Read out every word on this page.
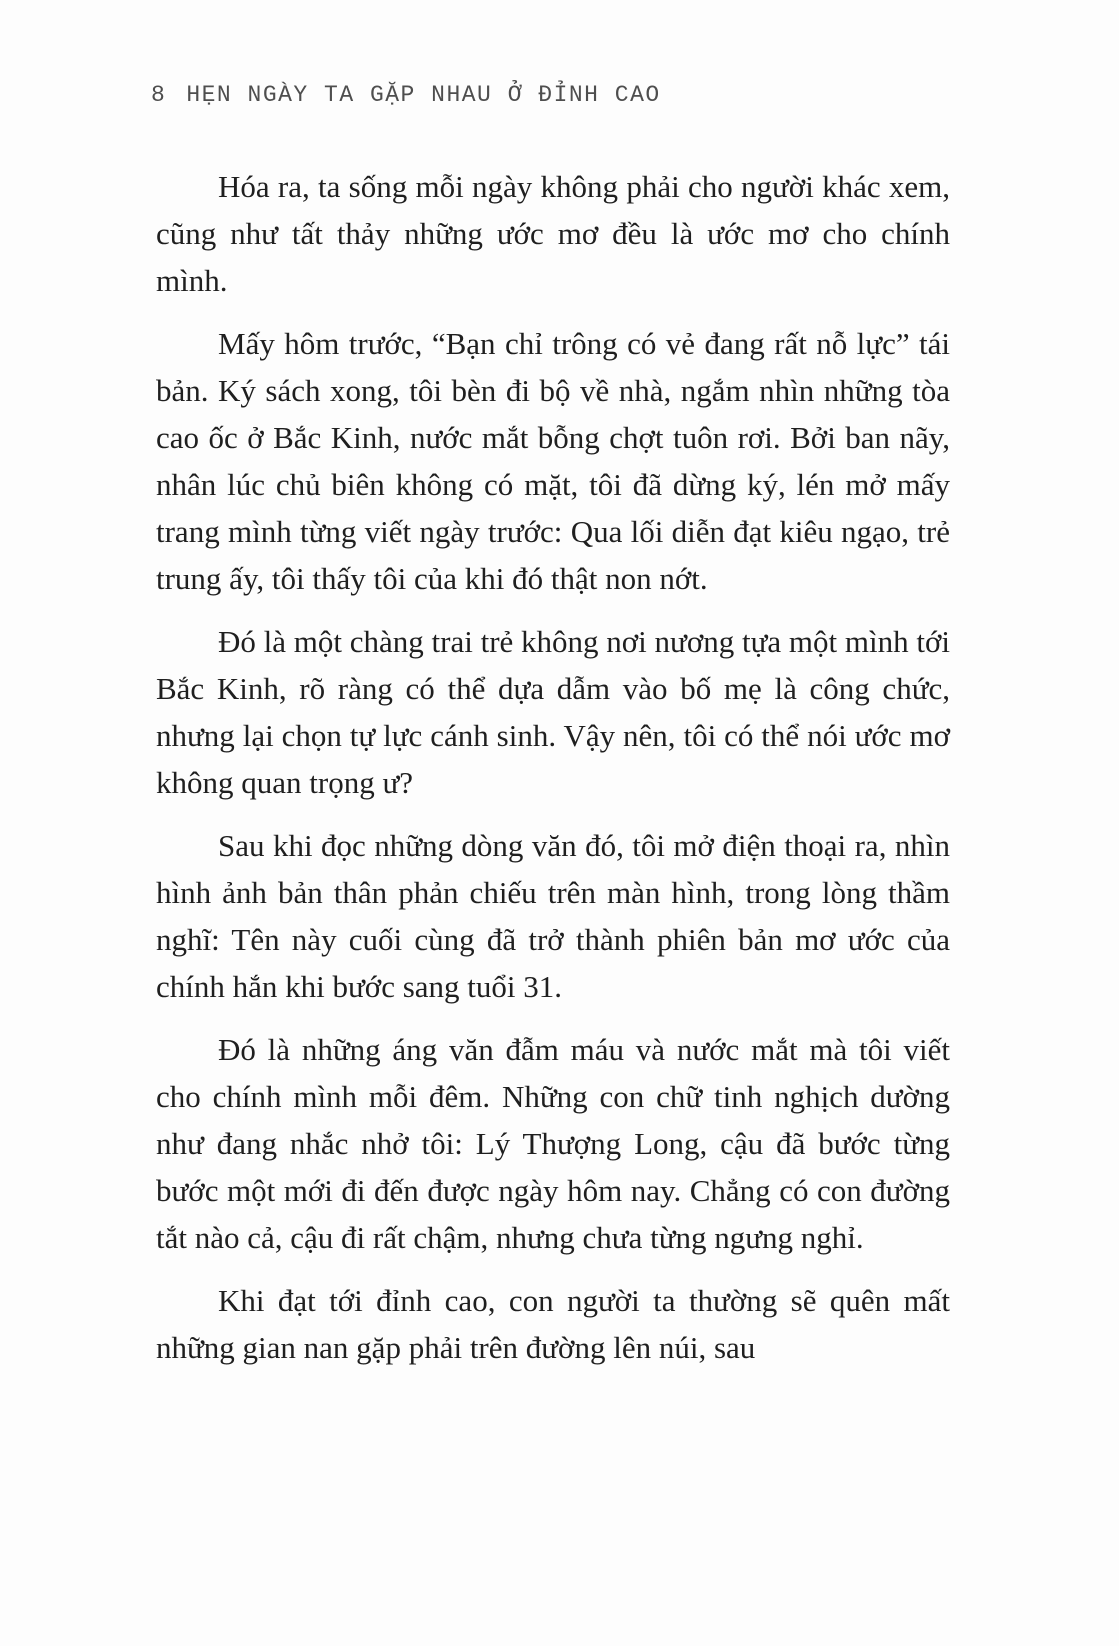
8 HẸN NGÀY TA GẶP NHAU Ở ĐỈNH CAO

Hóa ra, ta sống mỗi ngày không phải cho người khác xem, cũng như tất thảy những ước mơ đều là ước mơ cho chính mình.

Mấy hôm trước, “Bạn chỉ trông có vẻ đang rất nỗ lực” tái bản. Ký sách xong, tôi bèn đi bộ về nhà, ngắm nhìn những tòa cao ốc ở Bắc Kinh, nước mắt bỗng chợt tuôn rơi. Bởi ban nãy, nhân lúc chủ biên không có mặt, tôi đã dừng ký, lén mở mấy trang mình từng viết ngày trước: Qua lối diễn đạt kiêu ngạo, trẻ trung ấy, tôi thấy tôi của khi đó thật non nớt.

Đó là một chàng trai trẻ không nơi nương tựa một mình tới Bắc Kinh, rõ ràng có thể dựa dẫm vào bố mẹ là công chức, nhưng lại chọn tự lực cánh sinh. Vậy nên, tôi có thể nói ước mơ không quan trọng ư?

Sau khi đọc những dòng văn đó, tôi mở điện thoại ra, nhìn hình ảnh bản thân phản chiếu trên màn hình, trong lòng thầm nghĩ: Tên này cuối cùng đã trở thành phiên bản mơ ước của chính hắn khi bước sang tuổi 31.

Đó là những áng văn đẫm máu và nước mắt mà tôi viết cho chính mình mỗi đêm. Những con chữ tinh nghịch dường như đang nhắc nhở tôi: Lý Thượng Long, cậu đã bước từng bước một mới đi đến được ngày hôm nay. Chẳng có con đường tắt nào cả, cậu đi rất chậm, nhưng chưa từng ngưng nghỉ.

Khi đạt tới đỉnh cao, con người ta thường sẽ quên mất những gian nan gặp phải trên đường lên núi, sau
